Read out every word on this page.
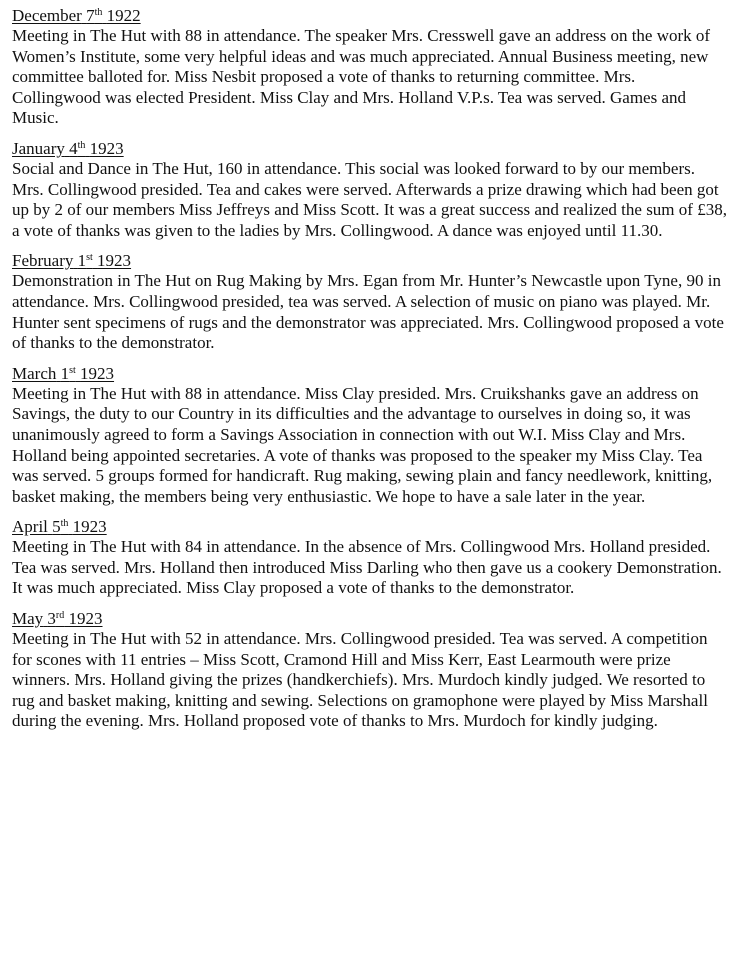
December 7th 1922

Meeting in The Hut with 88 in attendance. The speaker Mrs. Cresswell gave an address on the work of Women’s Institute, some very helpful ideas and was much appreciated. Annual Business meeting, new committee balloted for. Miss Nesbit proposed a vote of thanks to returning committee. Mrs. Collingwood was elected President. Miss Clay and Mrs. Holland V.P.s. Tea was served. Games and Music.

January 4th 1923

Social and Dance in The Hut, 160 in attendance. This social was looked forward to by our members. Mrs. Collingwood presided. Tea and cakes were served. Afterwards a prize drawing which had been got up by 2 of our members Miss Jeffreys and Miss Scott. It was a great success and realized the sum of £38, a vote of thanks was given to the ladies by Mrs. Collingwood. A dance was enjoyed until 11.30.

February 1st 1923

Demonstration in The Hut on Rug Making by Mrs. Egan from Mr. Hunter’s Newcastle upon Tyne, 90 in attendance. Mrs. Collingwood presided, tea was served. A selection of music on piano was played. Mr. Hunter sent specimens of rugs and the demonstrator was appreciated. Mrs. Collingwood proposed a vote of thanks to the demonstrator.

March 1st 1923

Meeting in The Hut with 88 in attendance. Miss Clay presided. Mrs. Cruikshanks gave an address on Savings, the duty to our Country in its difficulties and the advantage to ourselves in doing so, it was unanimously agreed to form a Savings Association in connection with out W.I. Miss Clay and Mrs. Holland being appointed secretaries. A vote of thanks was proposed to the speaker my Miss Clay. Tea was served. 5 groups formed for handicraft. Rug making, sewing plain and fancy needlework, knitting, basket making, the members being very enthusiastic. We hope to have a sale later in the year.

April 5th 1923

Meeting in The Hut with 84 in attendance. In the absence of Mrs. Collingwood Mrs. Holland presided. Tea was served. Mrs. Holland then introduced Miss Darling who then gave us a cookery Demonstration. It was much appreciated. Miss Clay proposed a vote of thanks to the demonstrator.

May 3rd 1923

Meeting in The Hut with 52 in attendance. Mrs. Collingwood presided. Tea was served. A competition for scones with 11 entries – Miss Scott, Cramond Hill and Miss Kerr, East Learmouth were prize winners. Mrs. Holland giving the prizes (handkerchiefs). Mrs. Murdoch kindly judged. We resorted to rug and basket making, knitting and sewing. Selections on gramophone were played by Miss Marshall during the evening. Mrs. Holland proposed vote of thanks to Mrs. Murdoch for kindly judging.
